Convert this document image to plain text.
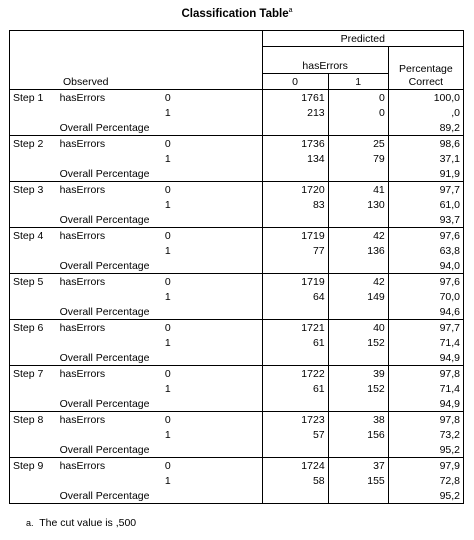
Classification Table$^a$
Observed			Predicted		
			hasErrors		Percentage
Correct

			0	1	

Step 1	hasErrors	0	1761	0	100,0
		1	213	0	,0
	Overall Percentage				89,2
Step 2	hasErrors	0	1736	25	98,6
		1	134	79	37,1
	Overall Percentage				91,9
Step 3	hasErrors	0	1720	41	97,7
		1	83	130	61,0
	Overall Percentage				93,7
Step 4	hasErrors	0	1719	42	97,6
		1	77	136	63,8
	Overall Percentage				94,0
Step 5	hasErrors	0	1719	42	97,6
		1	64	149	70,0
	Overall Percentage				94,6
Step 6	hasErrors	0	1721	40	97,7
		1	61	152	71,4
	Overall Percentage				94,9
Step 7	hasErrors	0	1722	39	97,8
		1	61	152	71,4
	Overall Percentage				94,9
Step 8	hasErrors	0	1723	38	97,8
		1	57	156	73,2
	Overall Percentage				95,2
Step 9	hasErrors	0	1724	37	97,9
		1	58	155	72,8
	Overall Percentage				95,2
a. The cut value is ,500
